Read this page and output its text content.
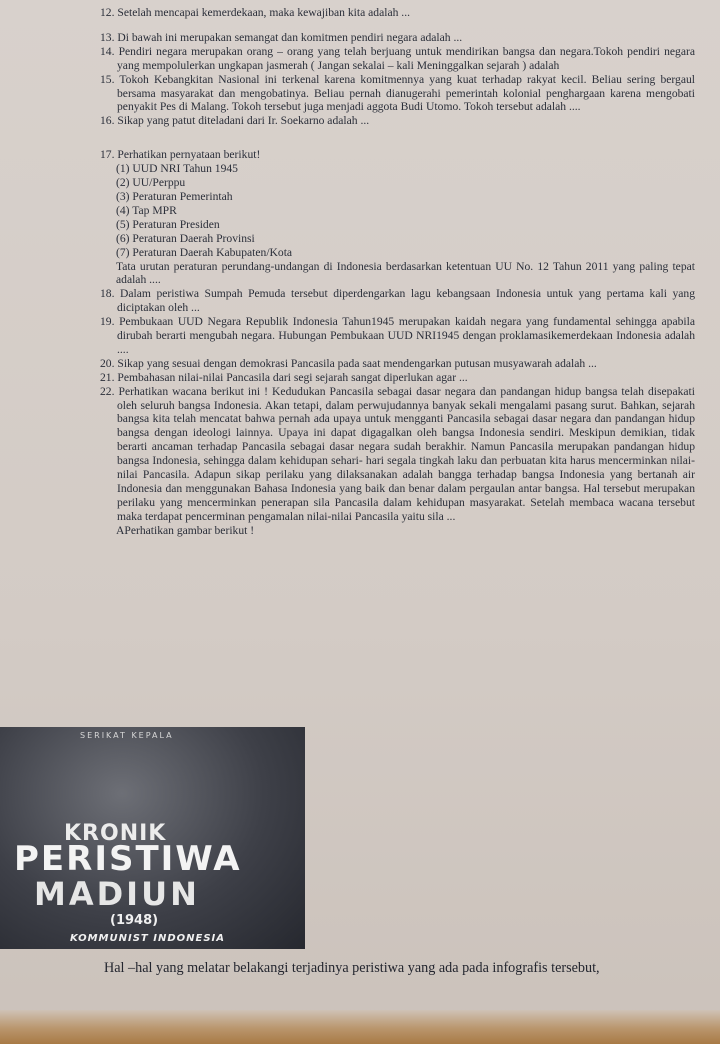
12. Setelah mencapai kemerdekaan, maka kewajiban kita adalah ...

13. Di bawah ini merupakan semangat dan komitmen pendiri negara adalah ...

14. Pendiri negara merupakan orang – orang yang telah berjuang untuk mendirikan bangsa dan negara.Tokoh pendiri negara yang mempolulerkan ungkapan jasmerah ( Jangan sekalai – kali Meninggalkan sejarah ) adalah

15. Tokoh Kebangkitan Nasional ini terkenal karena komitmennya yang kuat terhadap rakyat kecil. Beliau sering bergaul bersama masyarakat dan mengobatinya. Beliau pernah dianugerahi pemerintah kolonial penghargaan karena mengobati penyakit Pes di Malang. Tokoh tersebut juga menjadi aggota Budi Utomo. Tokoh tersebut adalah ....

16. Sikap yang patut diteladani dari Ir. Soekarno adalah ...

17. Perhatikan pernyataan berikut!

(1) UUD NRI Tahun 1945
(2) UU/Perppu
(3) Peraturan Pemerintah
(4) Tap MPR
(5) Peraturan Presiden
(6) Peraturan Daerah Provinsi
(7) Peraturan Daerah Kabupaten/Kota

Tata urutan peraturan perundang-undangan di Indonesia berdasarkan ketentuan UU No. 12 Tahun 2011 yang paling tepat adalah ....

18. Dalam peristiwa Sumpah Pemuda tersebut diperdengarkan lagu kebangsaan Indonesia untuk yang pertama kali yang diciptakan oleh ...

19. Pembukaan UUD Negara Republik Indonesia Tahun1945 merupakan kaidah negara yang fundamental sehingga apabila dirubah berarti mengubah negara. Hubungan Pembukaan UUD NRI1945 dengan proklamasikemerdekaan Indonesia adalah ....

20. Sikap yang sesuai dengan demokrasi Pancasila pada saat mendengarkan putusan musyawarah adalah ...

21. Pembahasan nilai-nilai Pancasila dari segi sejarah sangat diperlukan agar ...

22. Perhatikan wacana berikut ini ! Kedudukan Pancasila sebagai dasar negara dan pandangan hidup bangsa telah disepakati oleh seluruh bangsa Indonesia. Akan tetapi, dalam perwujudannya banyak sekali mengalami pasang surut. Bahkan, sejarah bangsa kita telah mencatat bahwa pernah ada upaya untuk mengganti Pancasila sebagai dasar negara dan pandangan hidup bangsa dengan ideologi lainnya. Upaya ini dapat digagalkan oleh bangsa Indonesia sendiri. Meskipun demikian, tidak berarti ancaman terhadap Pancasila sebagai dasar negara sudah berakhir. Namun Pancasila merupakan pandangan hidup bangsa Indonesia, sehingga dalam kehidupan sehari- hari segala tingkah laku dan perbuatan kita harus mencerminkan nilai-nilai Pancasila. Adapun sikap perilaku yang dilaksanakan adalah bangga terhadap bangsa Indonesia yang bertanah air Indonesia dan menggunakan Bahasa Indonesia yang baik dan benar dalam pergaulan antar bangsa. Hal tersebut merupakan perilaku yang mencerminkan penerapan sila Pancasila dalam kehidupan masyarakat. Setelah membaca wacana tersebut maka terdapat pencerminan pengamalan nilai-nilai Pancasila yaitu sila ...

APerhatikan gambar berikut !

SERIKAT KEPALA
KRONIK
PERISTIWA
MADIUN
(1948)
KOMMUNIST INDONESIA
Hal –hal yang melatar belakangi terjadinya peristiwa yang ada pada infografis tersebut,
